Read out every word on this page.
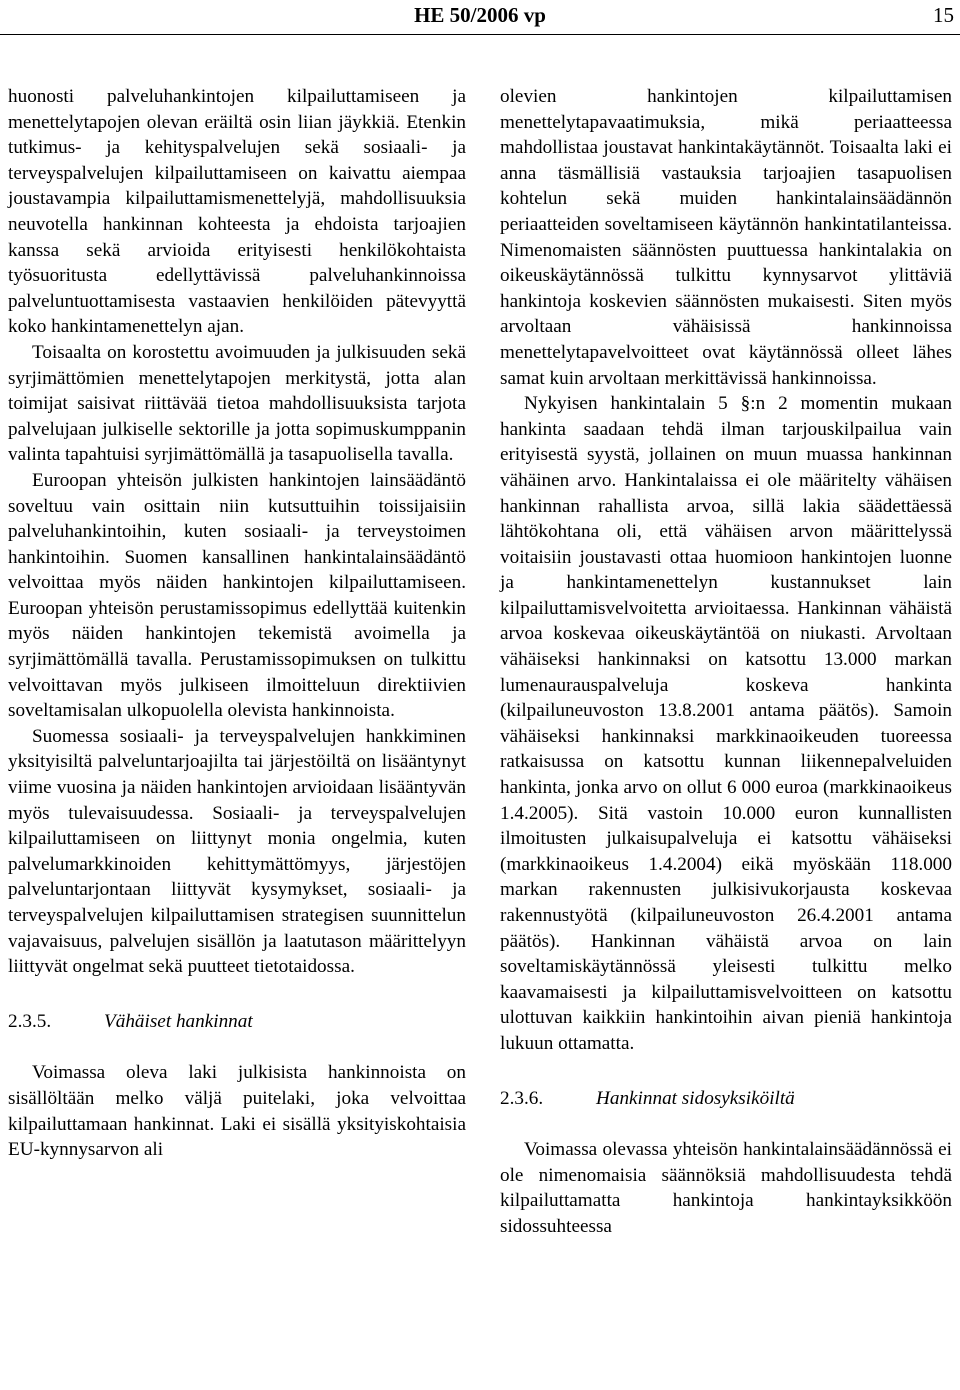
HE 50/2006 vp	15

huonosti palveluhankintojen kilpailuttamiseen ja menettelytapojen olevan eräiltä osin liian jäykkiä. Etenkin tutkimus- ja kehityspalvelujen sekä sosiaali- ja terveyspalvelujen kilpailuttamiseen on kaivattu aiempaa joustavampia kilpailuttamismenettelyjä, mahdollisuuksia neuvotella hankinnan kohteesta ja ehdoista tarjoajien kanssa sekä arvioida erityisesti henkilökohtaista työsuoritusta edellyttävissä palveluhankinnoissa palveluntuottamisesta vastaavien henkilöiden pätevyyttä koko hankintamenettelyn ajan.

Toisaalta on korostettu avoimuuden ja julkisuuden sekä syrjimättömien menettelytapojen merkitystä, jotta alan toimijat saisivat riittävää tietoa mahdollisuuksista tarjota palvelujaan julkiselle sektorille ja jotta sopimuskumppanin valinta tapahtuisi syrjimättömällä ja tasapuolisella tavalla.

Euroopan yhteisön julkisten hankintojen lainsäädäntö soveltuu vain osittain niin kutsuttuihin toissijaisiin palveluhankintoihin, kuten sosiaali- ja terveystoimen hankintoihin. Suomen kansallinen hankintalainsäädäntö velvoittaa myös näiden hankintojen kilpailuttamiseen. Euroopan yhteisön perustamissopimus edellyttää kuitenkin myös näiden hankintojen tekemistä avoimella ja syrjimättömällä tavalla. Perustamissopimuksen on tulkittu velvoittavan myös julkiseen ilmoitteluun direktiivien soveltamisalan ulkopuolella olevista hankinnoista.

Suomessa sosiaali- ja terveyspalvelujen hankkiminen yksityisiltä palveluntarjoajilta tai järjestöiltä on lisääntynyt viime vuosina ja näiden hankintojen arvioidaan lisääntyvän myös tulevaisuudessa. Sosiaali- ja terveyspalvelujen kilpailuttamiseen on liittynyt monia ongelmia, kuten palvelumarkkinoiden kehittymättömyys, järjestöjen palveluntarjontaan liittyvät kysymykset, sosiaali- ja terveyspalvelujen kilpailuttamisen strategisen suunnittelun vajavaisuus, palvelujen sisällön ja laatutason määrittelyyn liittyvät ongelmat sekä puutteet tietotaidossa.

2.3.5.	Vähäiset hankinnat

Voimassa oleva laki julkisista hankinnoista on sisällöltään melko väljä puitelaki, joka velvoittaa kilpailuttamaan hankinnat. Laki ei sisällä yksityiskohtaisia EU-kynnysarvon ali

olevien hankintojen kilpailuttamisen menettelytapavaatimuksia, mikä periaatteessa mahdollistaa joustavat hankintakäytännöt. Toisaalta laki ei anna täsmällisiä vastauksia tarjoajien tasapuolisen kohtelun sekä muiden hankintalainsäädännön periaatteiden soveltamiseen käytännön hankintatilanteissa. Nimenomaisten säännösten puuttuessa hankintalakia on oikeuskäytännössä tulkittu kynnysarvot ylittäviä hankintoja koskevien säännösten mukaisesti. Siten myös arvoltaan vähäisissä hankinnoissa menettelytapavelvoitteet ovat käytännössä olleet lähes samat kuin arvoltaan merkittävissä hankinnoissa.

Nykyisen hankintalain 5 §:n 2 momentin mukaan hankinta saadaan tehdä ilman tarjouskilpailua vain erityisestä syystä, jollainen on muun muassa hankinnan vähäinen arvo. Hankintalaissa ei ole määritelty vähäisen hankinnan rahallista arvoa, sillä lakia säädettäessä lähtökohtana oli, että vähäisen arvon määrittelyssä voitaisiin joustavasti ottaa huomioon hankintojen luonne ja hankintamenettelyn kustannukset lain kilpailuttamisvelvoitetta arvioitaessa. Hankinnan vähäistä arvoa koskevaa oikeuskäytäntöä on niukasti. Arvoltaan vähäiseksi hankinnaksi on katsottu 13.000 markan lumenaurauspalveluja koskeva hankinta (kilpailuneuvoston 13.8.2001 antama päätös). Samoin vähäiseksi hankinnaksi markkinaoikeuden tuoreessa ratkaisussa on katsottu kunnan liikennepalveluiden hankinta, jonka arvo on ollut 6 000 euroa (markkinaoikeus 1.4.2005). Sitä vastoin 10.000 euron kunnallisten ilmoitusten julkaisupalveluja ei katsottu vähäiseksi (markkinaoikeus 1.4.2004) eikä myöskään 118.000 markan rakennusten julkisivukorjausta koskevaa rakennustyötä (kilpailuneuvoston 26.4.2001 antama päätös). Hankinnan vähäistä arvoa on lain soveltamiskäytännössä yleisesti tulkittu melko kaavamaisesti ja kilpailuttamisvelvoitteen on katsottu ulottuvan kaikkiin hankintoihin aivan pieniä hankintoja lukuun ottamatta.

2.3.6.	Hankinnat sidosyksiköiltä

Voimassa olevassa yhteisön hankintalainsäädännössä ei ole nimenomaisia säännöksiä mahdollisuudesta tehdä kilpailuttamatta hankintoja hankintayksikköön sidossuhteessa
